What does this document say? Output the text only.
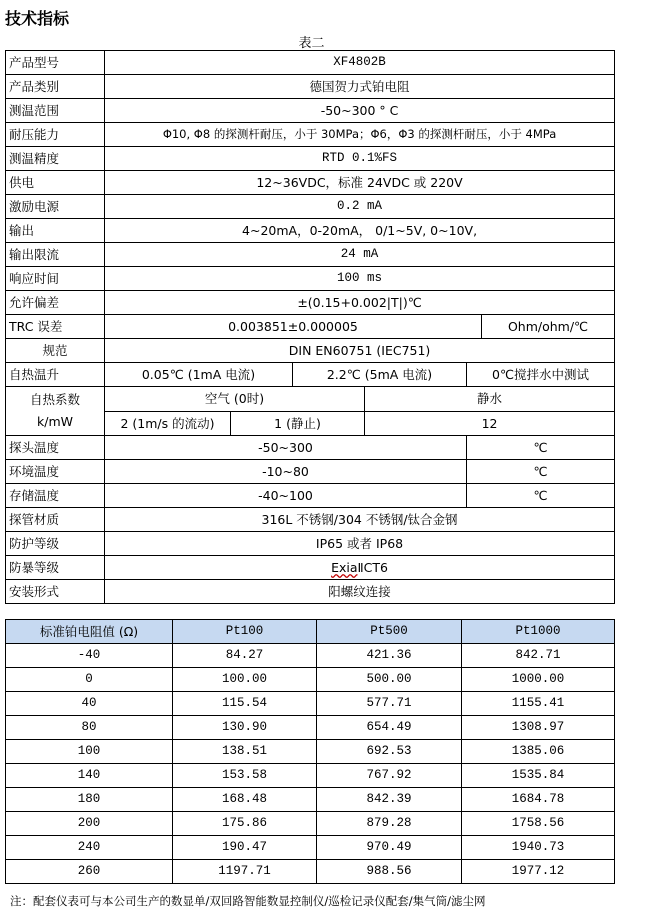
技术指标
表二
产品型号	XF4802B					
产品类别	德国贺力式铂电阻					
测温范围	-50~300 ° C					
耐压能力	Φ10, Φ8 的探测杆耐压，小于 30MPa；Φ6，Φ3 的探测杆耐压，小于 4MPa					
测温精度	RTD 0.1%FS					
供电	12~36VDC，标准 24VDC 或 220V					
激励电源	0.2 mA					
输出	4~20mA，0-20mA， 0/1~5V, 0~10V,					
输出限流	24 mA					
响应时间	100 ms					
允许偏差	±(0.15+0.002|T|)℃					
TRC 误差	0.003851±0.000005					Ohm/ohm/℃
规范	DIN EN60751 (IEC751)					
自热温升	0.05℃ (1mA 电流)		2.2℃ (5mA 电流)		0℃搅拌水中测试	

自热系数
k/mW	空气 (0时)			静水		
	2 (1m/s 的流动)	1 (静止)		12		
探头温度	-50~300				℃	
环境温度	-10~80				℃	
存储温度	-40~100				℃	
探管材质	316L 不锈钢/304 不锈钢/钛合金钢					
防护等级	IP65 或者 IP68					
防暴等级	ExiaⅡCT6					
安装形式	阳螺纹连接					
标准铂电阻值 (Ω)	Pt100	Pt500	Pt1000
-40	84.27	421.36	842.71
0	100.00	500.00	1000.00
40	115.54	577.71	1155.41
80	130.90	654.49	1308.97
100	138.51	692.53	1385.06
140	153.58	767.92	1535.84
180	168.48	842.39	1684.78
200	175.86	879.28	1758.56
240	190.47	970.49	1940.73
260	1197.71	988.56	1977.12
注：配套仪表可与本公司生产的数显单/双回路智能数显控制仪/巡检记录仪配套/集气筒/滤尘网
